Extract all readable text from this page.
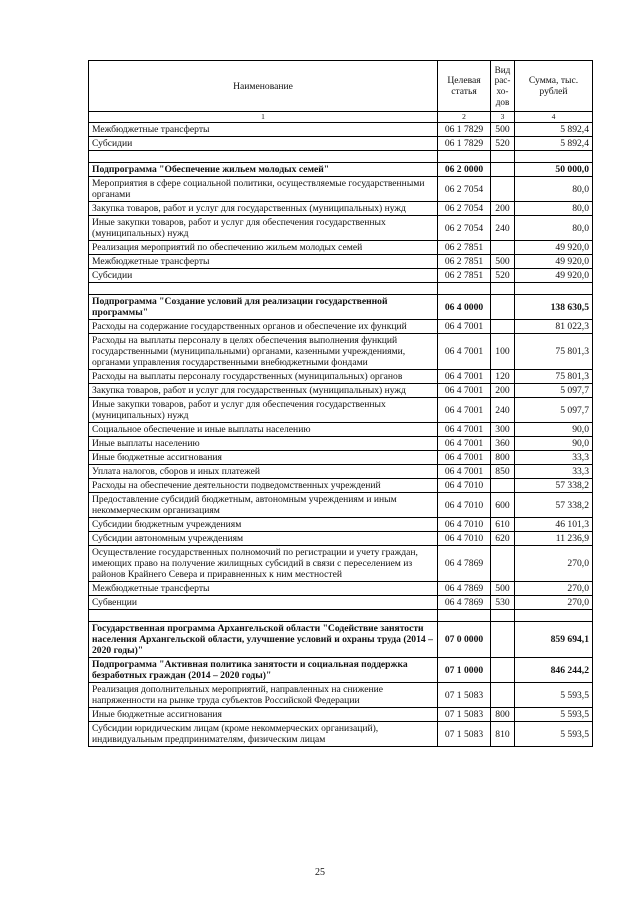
Наименование	Целевая статья	Вид рас-хо-дов	Сумма, тыс. рублей
1	2	3	4
Межбюджетные трансферты	06 1 7829	500	5 892,4
Субсидии	06 1 7829	520	5 892,4

Подпрограмма "Обеспечение жильем молодых семей"	06 2 0000		50 000,0
Мероприятия в сфере социальной политики, осуществляемые государственными органами	06 2 7054		80,0
Закупка товаров, работ и услуг для государственных (муниципальных) нужд	06 2 7054	200	80,0
Иные закупки товаров, работ и услуг для обеспечения государственных (муниципальных) нужд	06 2 7054	240	80,0
Реализация мероприятий по обеспечению жильем молодых семей	06 2 7851		49 920,0
Межбюджетные трансферты	06 2 7851	500	49 920,0
Субсидии	06 2 7851	520	49 920,0

Подпрограмма "Создание условий для реализации государственной программы"	06 4 0000		138 630,5
Расходы на содержание государственных органов и обеспечение их функций	06 4 7001		81 022,3
Расходы на выплаты персоналу в целях обеспечения выполнения функций государственными (муниципальными) органами, казенными учреждениями, органами управления государственными внебюджетными фондами	06 4 7001	100	75 801,3
Расходы на выплаты персоналу государственных (муниципальных) органов	06 4 7001	120	75 801,3
Закупка товаров, работ и услуг для государственных (муниципальных) нужд	06 4 7001	200	5 097,7
Иные закупки товаров, работ и услуг для обеспечения государственных (муниципальных) нужд	06 4 7001	240	5 097,7
Социальное обеспечение и иные выплаты населению	06 4 7001	300	90,0
Иные выплаты населению	06 4 7001	360	90,0
Иные бюджетные ассигнования	06 4 7001	800	33,3
Уплата налогов, сборов и иных платежей	06 4 7001	850	33,3
Расходы на обеспечение деятельности подведомственных учреждений	06 4 7010		57 338,2
Предоставление субсидий бюджетным, автономным учреждениям и иным некоммерческим организациям	06 4 7010	600	57 338,2
Субсидии бюджетным учреждениям	06 4 7010	610	46 101,3
Субсидии автономным учреждениям	06 4 7010	620	11 236,9
Осуществление государственных полномочий по регистрации и учету граждан, имеющих право на получение жилищных субсидий в связи с переселением из районов Крайнего Севера и приравненных к ним местностей	06 4 7869		270,0
Межбюджетные трансферты	06 4 7869	500	270,0
Субвенции	06 4 7869	530	270,0

Государственная программа Архангельской области "Содействие занятости населения Архангельской области, улучшение условий и охраны труда (2014 – 2020 годы)"	07 0 0000		859 694,1
Подпрограмма "Активная политика занятости и социальная поддержка безработных граждан (2014 – 2020 годы)"	07 1 0000		846 244,2
Реализация дополнительных мероприятий, направленных на снижение напряженности на рынке труда субъектов Российской Федерации	07 1 5083		5 593,5
Иные бюджетные ассигнования	07 1 5083	800	5 593,5
Субсидии юридическим лицам (кроме некоммерческих организаций), индивидуальным предпринимателям, физическим лицам	07 1 5083	810	5 593,5
25
